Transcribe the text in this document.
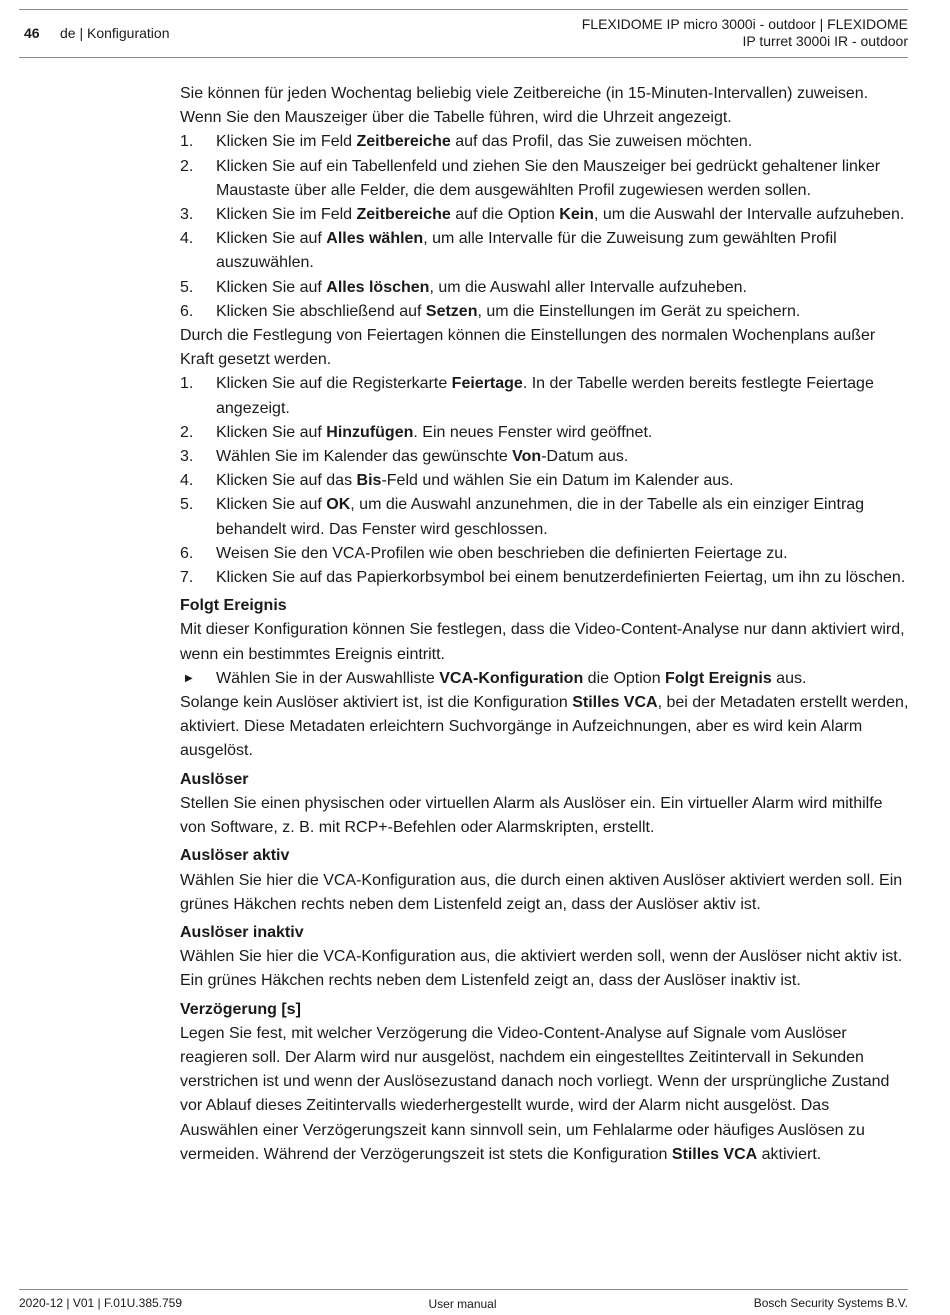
46 de | Konfiguration
FLEXIDOME IP micro 3000i - outdoor | FLEXIDOME
IP turret 3000i IR - outdoor

Sie können für jeden Wochentag beliebig viele Zeitbereiche (in 15-Minuten-Intervallen) zuweisen. Wenn Sie den Mauszeiger über die Tabelle führen, wird die Uhrzeit angezeigt.

1. Klicken Sie im Feld Zeitbereiche auf das Profil, das Sie zuweisen möchten.
2. Klicken Sie auf ein Tabellenfeld und ziehen Sie den Mauszeiger bei gedrückt gehaltener linker Maustaste über alle Felder, die dem ausgewählten Profil zugewiesen werden sollen.
3. Klicken Sie im Feld Zeitbereiche auf die Option Kein, um die Auswahl der Intervalle aufzuheben.
4. Klicken Sie auf Alles wählen, um alle Intervalle für die Zuweisung zum gewählten Profil auszuwählen.
5. Klicken Sie auf Alles löschen, um die Auswahl aller Intervalle aufzuheben.
6. Klicken Sie abschließend auf Setzen, um die Einstellungen im Gerät zu speichern.

Durch die Festlegung von Feiertagen können die Einstellungen des normalen Wochenplans außer Kraft gesetzt werden.

1. Klicken Sie auf die Registerkarte Feiertage. In der Tabelle werden bereits festlegte Feiertage angezeigt.
2. Klicken Sie auf Hinzufügen. Ein neues Fenster wird geöffnet.
3. Wählen Sie im Kalender das gewünschte Von-Datum aus.
4. Klicken Sie auf das Bis-Feld und wählen Sie ein Datum im Kalender aus.
5. Klicken Sie auf OK, um die Auswahl anzunehmen, die in der Tabelle als ein einziger Eintrag behandelt wird. Das Fenster wird geschlossen.
6. Weisen Sie den VCA-Profilen wie oben beschrieben die definierten Feiertage zu.
7. Klicken Sie auf das Papierkorbsymbol bei einem benutzerdefinierten Feiertag, um ihn zu löschen.
Folgt Ereignis

Mit dieser Konfiguration können Sie festlegen, dass die Video-Content-Analyse nur dann aktiviert wird, wenn ein bestimmtes Ereignis eintritt.

▶ Wählen Sie in der Auswahlliste VCA-Konfiguration die Option Folgt Ereignis aus.

Solange kein Auslöser aktiviert ist, ist die Konfiguration Stilles VCA, bei der Metadaten erstellt werden, aktiviert. Diese Metadaten erleichtern Suchvorgänge in Aufzeichnungen, aber es wird kein Alarm ausgelöst.

Auslöser

Stellen Sie einen physischen oder virtuellen Alarm als Auslöser ein. Ein virtueller Alarm wird mithilfe von Software, z. B. mit RCP+-Befehlen oder Alarmskripten, erstellt.

Auslöser aktiv

Wählen Sie hier die VCA-Konfiguration aus, die durch einen aktiven Auslöser aktiviert werden soll. Ein grünes Häkchen rechts neben dem Listenfeld zeigt an, dass der Auslöser aktiv ist.

Auslöser inaktiv

Wählen Sie hier die VCA-Konfiguration aus, die aktiviert werden soll, wenn der Auslöser nicht aktiv ist. Ein grünes Häkchen rechts neben dem Listenfeld zeigt an, dass der Auslöser inaktiv ist.

Verzögerung [s]

Legen Sie fest, mit welcher Verzögerung die Video-Content-Analyse auf Signale vom Auslöser reagieren soll. Der Alarm wird nur ausgelöst, nachdem ein eingestelltes Zeitintervall in Sekunden verstrichen ist und wenn der Auslösezustand danach noch vorliegt. Wenn der ursprüngliche Zustand vor Ablauf dieses Zeitintervalls wiederhergestellt wurde, wird der Alarm nicht ausgelöst. Das Auswählen einer Verzögerungszeit kann sinnvoll sein, um Fehlalarme oder häufiges Auslösen zu vermeiden. Während der Verzögerungszeit ist stets die Konfiguration Stilles VCA aktiviert.

2020-12 | V01 | F.01U.385.759	User manual	Bosch Security Systems B.V.
